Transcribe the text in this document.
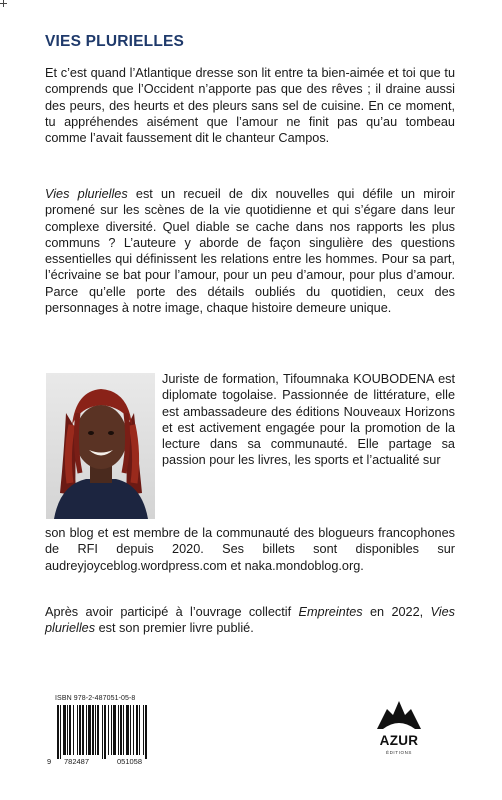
VIES PLURIELLES

Et c’est quand l’Atlantique dresse son lit entre ta bien-aimée et toi que tu comprends que l’Occident n’apporte pas que des rêves ; il draine aussi des peurs, des heurts et des pleurs sans sel de cuisine. En ce moment, tu appréhendes aisément que l’amour ne finit pas qu’au tombeau comme l’avait faussement dit le chanteur Campos.

Vies plurielles est un recueil de dix nouvelles qui défile un miroir promené sur les scènes de la vie quotidienne et qui s’égare dans leur complexe diversité. Quel diable se cache dans nos rapports les plus communs ? L’auteure y aborde de façon singulière des questions essentielles qui définissent les relations entre les hommes. Pour sa part, l’écrivaine se bat pour l’amour, pour un peu d’amour, pour plus d’amour. Parce qu’elle porte des détails oubliés du quotidien, ceux des personnages à notre image, chaque histoire demeure unique.

Juriste de formation, Tifoumnaka KOUBODENA est diplomate togolaise. Passionnée de littérature, elle est ambassadeure des éditions Nouveaux Horizons et est activement engagée pour la promotion de la lecture dans sa communauté. Elle partage sa passion pour les livres, les sports et l’actualité sur

son blog et est membre de la communauté des blogueurs francophones de RFI depuis 2020. Ses billets sont disponibles sur audreyjoyceblog.wordpress.com et naka.mondoblog.org.

Après avoir participé à l’ouvrage collectif Empreintes en 2022, Vies plurielles est son premier livre publié.

ISBN 978-2-487051-05-8
9 782487	051058
AZUR
ÉDITIONS
